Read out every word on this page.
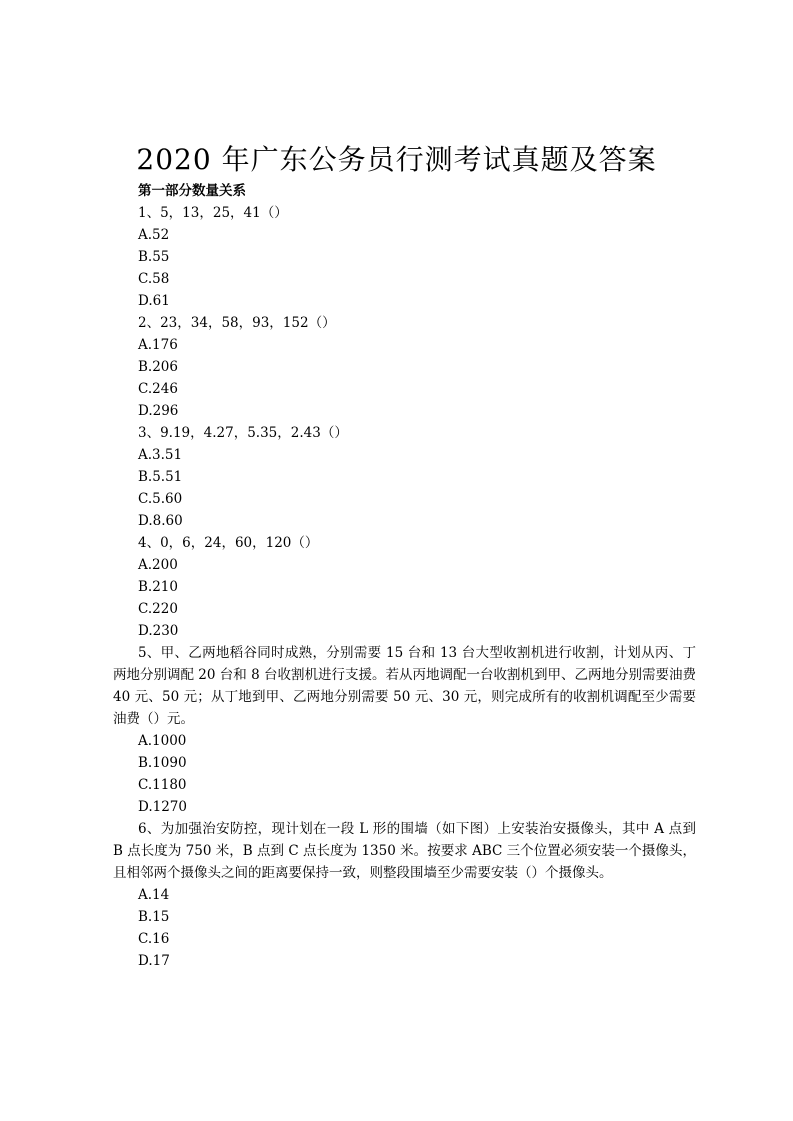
2020 年广东公务员行测考试真题及答案

第一部分数量关系

1、5，13，25，41（）

A.52

B.55

C.58

D.61

2、23，34，58，93，152（）

A.176

B.206

C.246

D.296

3、9.19，4.27，5.35，2.43（）

A.3.51

B.5.51

C.5.60

D.8.60

4、0，6，24，60，120（）

A.200

B.210

C.220

D.230

5、甲、乙两地稻谷同时成熟，分别需要 15 台和 13 台大型收割机进行收割，计划从丙、丁两地分别调配 20 台和 8 台收割机进行支援。若从丙地调配一台收割机到甲、乙两地分别需要油费 40 元、50 元；从丁地到甲、乙两地分别需要 50 元、30 元，则完成所有的收割机调配至少需要油费（）元。

A.1000

B.1090

C.1180

D.1270

6、为加强治安防控，现计划在一段 L 形的围墙（如下图）上安装治安摄像头，其中 A 点到 B 点长度为 750 米，B 点到 C 点长度为 1350 米。按要求 ABC 三个位置必须安装一个摄像头，且相邻两个摄像头之间的距离要保持一致，则整段围墙至少需要安装（）个摄像头。

A.14

B.15

C.16

D.17
